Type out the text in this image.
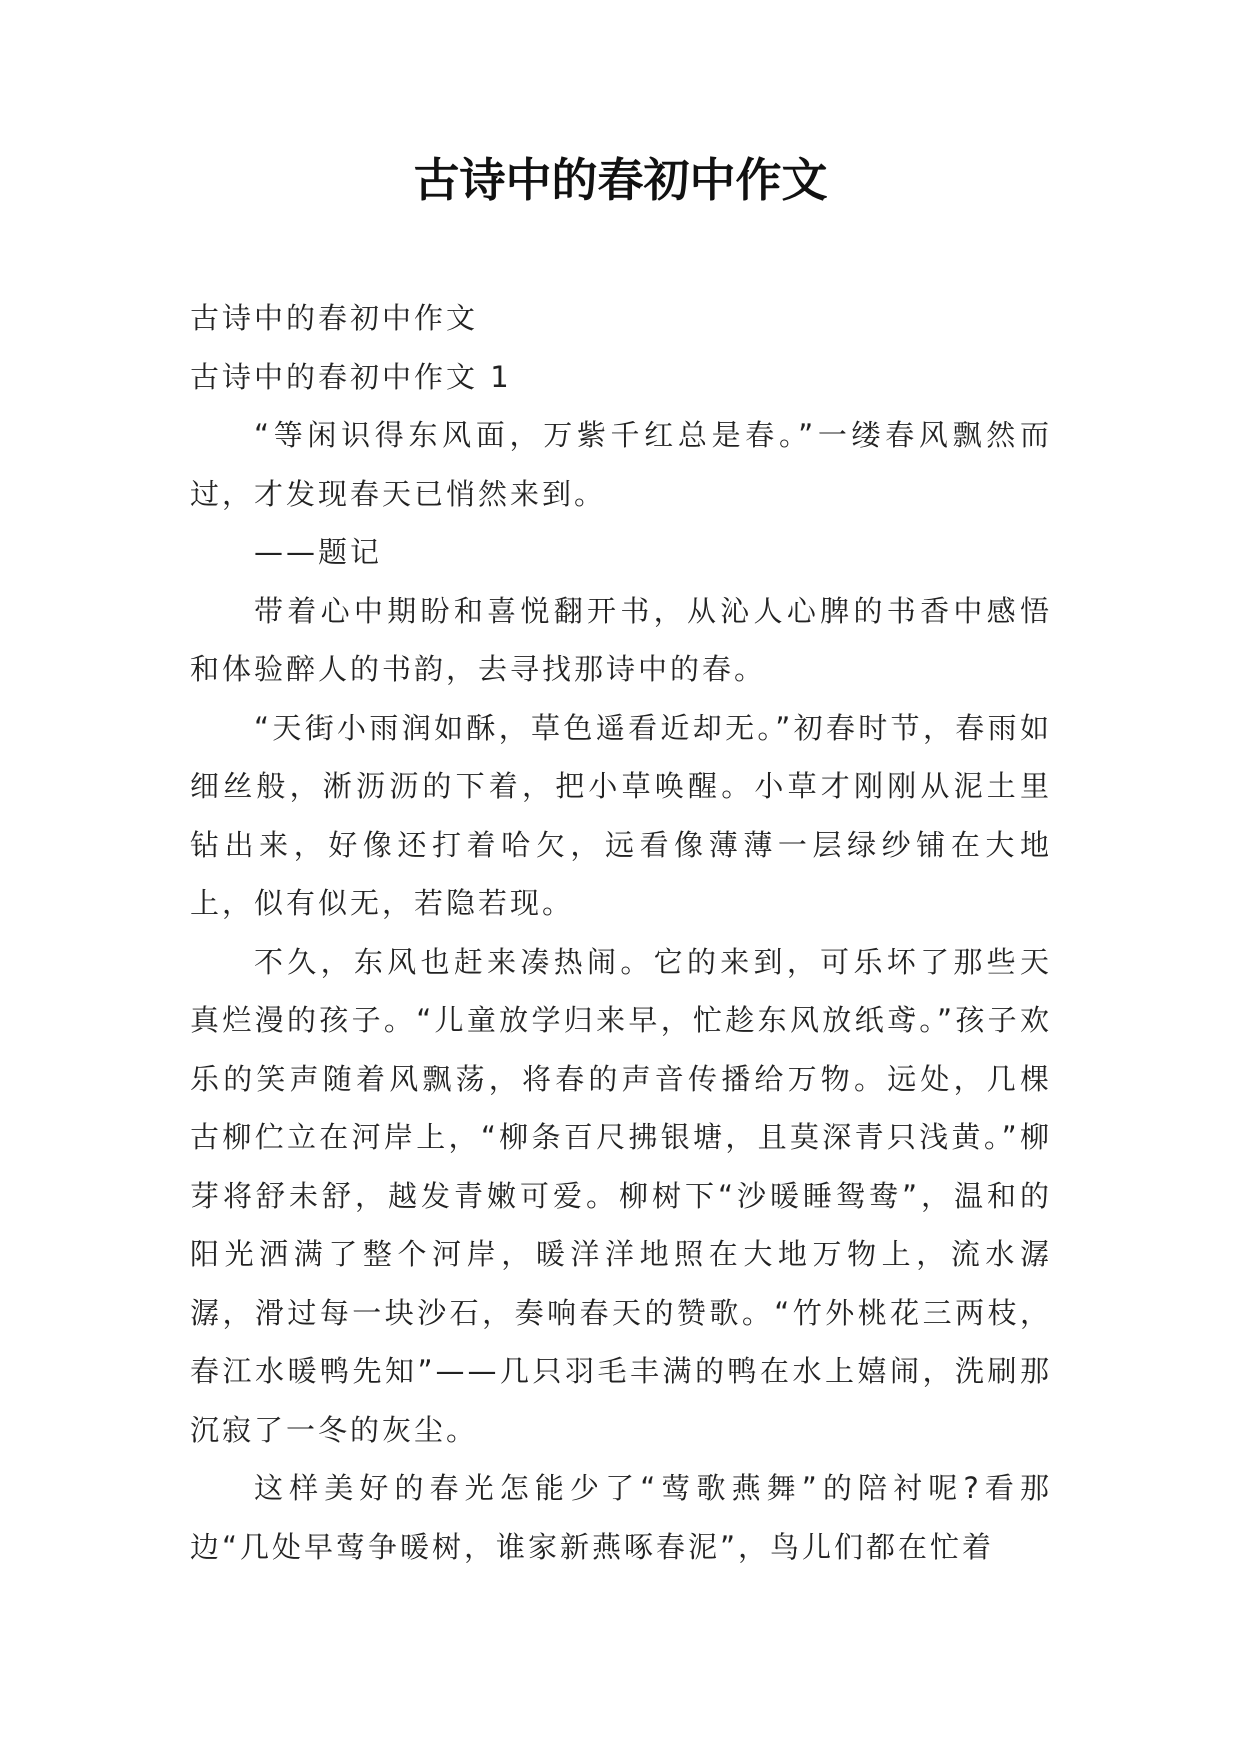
古诗中的春初中作文

古诗中的春初中作文

古诗中的春初中作文 1

“等闲识得东风面，万紫千红总是春。”一缕春风飘然而过，才发现春天已悄然来到。

——题记

带着心中期盼和喜悦翻开书，从沁人心脾的书香中感悟和体验醉人的书韵，去寻找那诗中的春。

“天街小雨润如酥，草色遥看近却无。”初春时节，春雨如细丝般，淅沥沥的下着，把小草唤醒。小草才刚刚从泥土里钻出来，好像还打着哈欠，远看像薄薄一层绿纱铺在大地上，似有似无，若隐若现。

不久，东风也赶来凑热闹。它的来到，可乐坏了那些天真烂漫的孩子。“儿童放学归来早，忙趁东风放纸鸢。”孩子欢乐的笑声随着风飘荡，将春的声音传播给万物。远处，几棵古柳伫立在河岸上，“柳条百尺拂银塘，且莫深青只浅黄。”柳芽将舒未舒，越发青嫩可爱。柳树下“沙暖睡鸳鸯”，温和的阳光洒满了整个河岸，暖洋洋地照在大地万物上，流水潺潺，滑过每一块沙石，奏响春天的赞歌。“竹外桃花三两枝，春江水暖鸭先知”——几只羽毛丰满的鸭在水上嬉闹，洗刷那沉寂了一冬的灰尘。

这样美好的春光怎能少了“莺歌燕舞”的陪衬呢?看那边“几处早莺争暖树，谁家新燕啄春泥”，鸟儿们都在忙着
